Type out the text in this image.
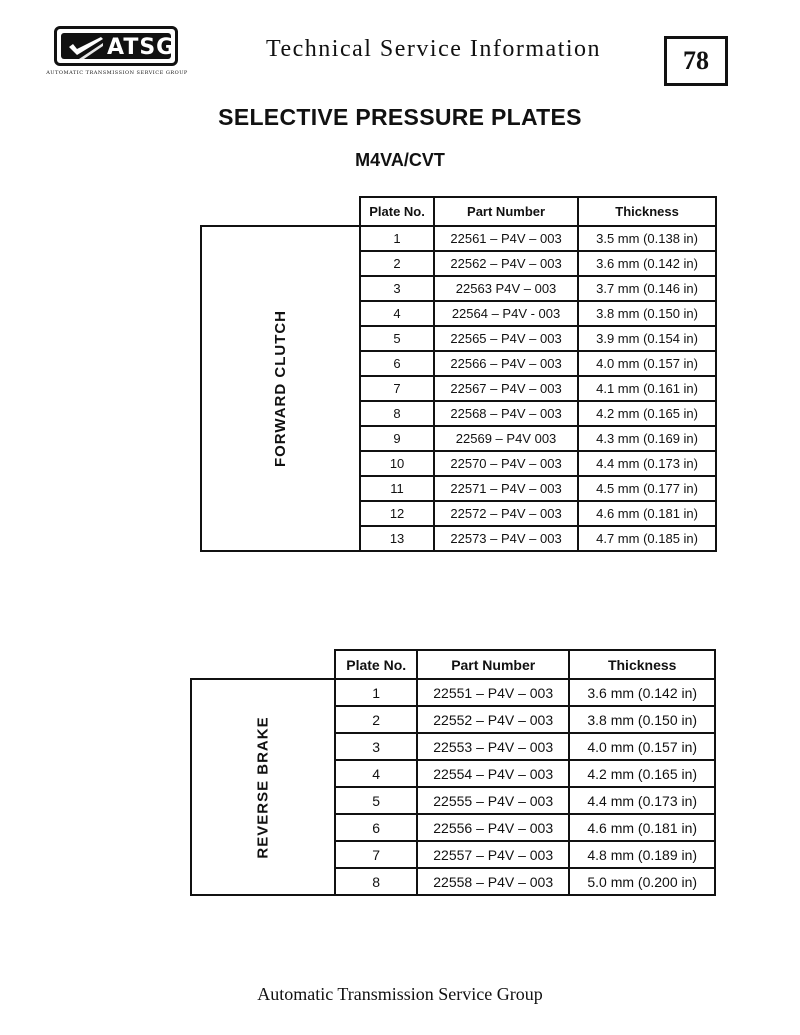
ATSG
AUTOMATIC TRANSMISSION SERVICE GROUP
Technical Service Information	78
SELECTIVE PRESSURE PLATES
M4VA/CVT
	Plate No.	Part Number	Thickness
FORWARD CLUTCH	1	22561 – P4V – 003	3.5 mm (0.138 in)
	2	22562 – P4V – 003	3.6 mm (0.142 in)
	3	22563 P4V – 003	3.7 mm (0.146 in)
	4	22564 – P4V - 003	3.8 mm (0.150 in)
	5	22565 – P4V – 003	3.9 mm (0.154 in)
	6	22566 – P4V – 003	4.0 mm (0.157 in)
	7	22567 – P4V – 003	4.1 mm (0.161 in)
	8	22568 – P4V – 003	4.2 mm (0.165 in)
	9	22569 – P4V 003	4.3 mm (0.169 in)
	10	22570 – P4V – 003	4.4 mm (0.173 in)
	11	22571 – P4V – 003	4.5 mm (0.177 in)
	12	22572 – P4V – 003	4.6 mm (0.181 in)
	13	22573 – P4V – 003	4.7 mm (0.185 in)
	Plate No.	Part Number	Thickness
REVERSE BRAKE	1	22551 – P4V – 003	3.6 mm (0.142 in)
	2	22552 – P4V – 003	3.8 mm (0.150 in)
	3	22553 – P4V – 003	4.0 mm (0.157 in)
	4	22554 – P4V – 003	4.2 mm (0.165 in)
	5	22555 – P4V – 003	4.4 mm (0.173 in)
	6	22556 – P4V – 003	4.6 mm (0.181 in)
	7	22557 – P4V – 003	4.8 mm (0.189 in)
	8	22558 – P4V – 003	5.0 mm (0.200 in)
Automatic Transmission Service Group
